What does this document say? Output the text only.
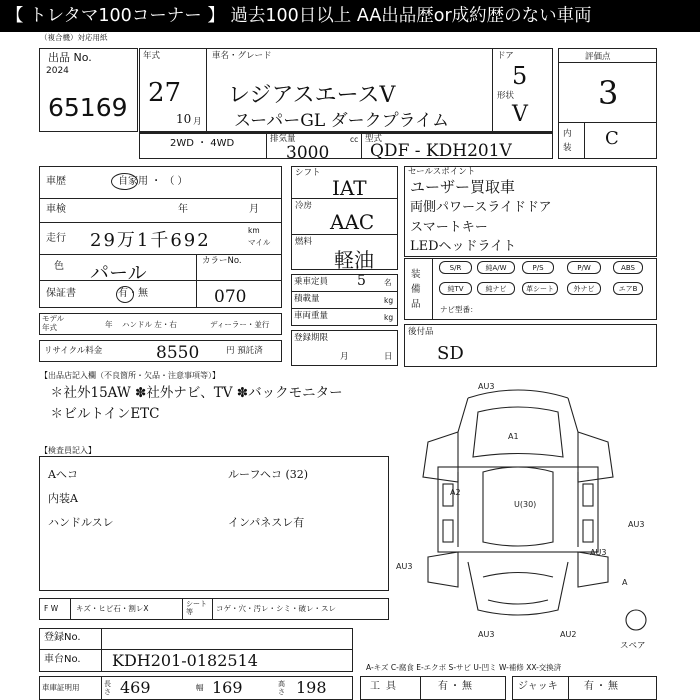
【 トレタマ100コーナー 】 過去100日以上 AA出品歴or成約歴のない車両
（複合機）対応用紙
出品 No.
2024
65169
年式
27
10 月
車名・グレード
レジアスエースV
スーパーGL ダークプライム
ドア
5
形状
V
2WD ・ 4WD	排気量
3000
cc 型式
QDF - KDH201V
評価点
3
内装 C
車歴	自家用 ・ （ ）
車検	年	月
走行 29万1千692	km
マイル
色 パール
カラーNo.
070
保証書	有・無
モデル 年式	年 ハンドル 左・右	ディーラー・並行
リサイクル料金	8550	円 預託済
シフト
IAT
冷房
AAC
燃料
軽油
乗車定員 5 名
積載量	kg
車両重量	kg
登録期限
月	日
セールスポイント
ユーザー買取車
両側パワースライドドア
スマートキー
LEDヘッドライト
装備品
S/R	純A/W	P/S	P/W	ABS
純TV	純ナビ	革シート	外ナビ	エアB
ナビ型番：
後付品
SD
【出品店記入欄（不良箇所・欠品・注意事項等）】
✽社外15AW ✽社外ナビ、TV ✽バックモニター
✽ビルトインETC
【検査員記入】
Aヘコ
内装A
ハンドルスレ
ルーフヘコ (32)
インパネスレ有
AU3
A1
A2
U(30)
AU3
AU3
AU3
A
AU3	AU2
スペア
F W キズ・ヒビ石・割レX	シート等	コゲ・穴・汚レ・シミ・破レ・スレ
登録No.
車台No. KDH201-0182514
車庫証明用	長さ 469	幅 169	高さ 198
A-キズ C-腐食 E-エクボ S-サビ U-凹ミ W-補修 XX-交換済
工具	有・無	ジャッキ	有・無
